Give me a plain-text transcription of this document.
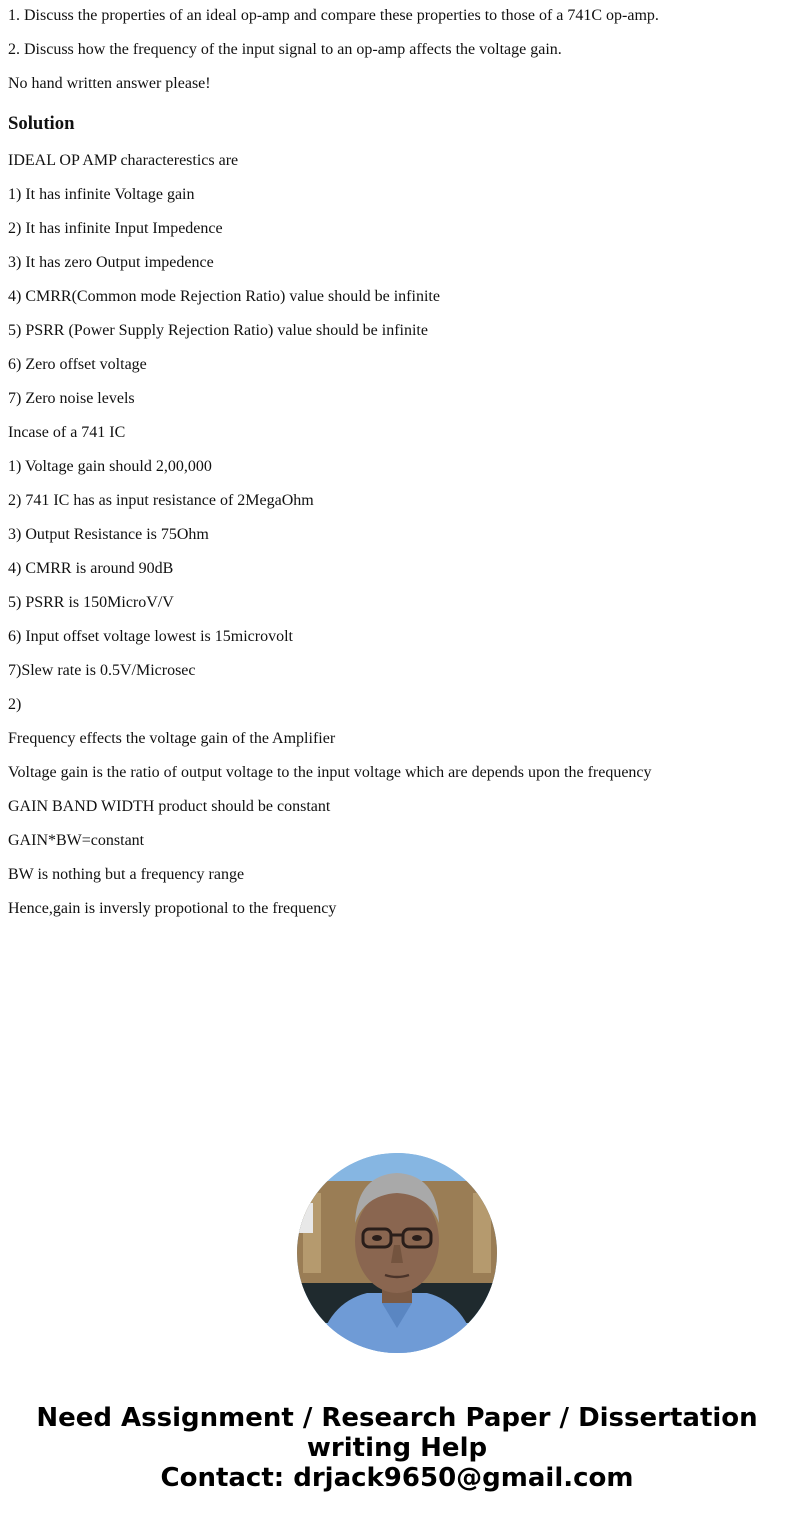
1. Discuss the properties of an ideal op-amp and compare these properties to those of a 741C op-amp.

2. Discuss how the frequency of the input signal to an op-amp affects the voltage gain.

No hand written answer please!

Solution

IDEAL OP AMP characterestics are

1) It has infinite Voltage gain

2) It has infinite Input Impedence

3) It has zero Output impedence

4) CMRR(Common mode Rejection Ratio) value should be infinite

5) PSRR (Power Supply Rejection Ratio) value should be infinite

6) Zero offset voltage

7) Zero noise levels

Incase of a 741 IC

1) Voltage gain should 2,00,000

2) 741 IC has as input resistance of 2MegaOhm

3) Output Resistance is 75Ohm

4) CMRR is around 90dB

5) PSRR is 150MicroV/V

6) Input offset voltage lowest is 15microvolt

7)Slew rate is 0.5V/Microsec

2)

Frequency effects the voltage gain of the Amplifier

Voltage gain is the ratio of output voltage to the input voltage which are depends upon the frequency

GAIN BAND WIDTH product should be constant

GAIN*BW=constant

BW is nothing but a frequency range

Hence,gain is inversly propotional to the frequency

Need Assignment / Research Paper / Dissertation
writing Help
Contact: drjack9650@gmail.com
